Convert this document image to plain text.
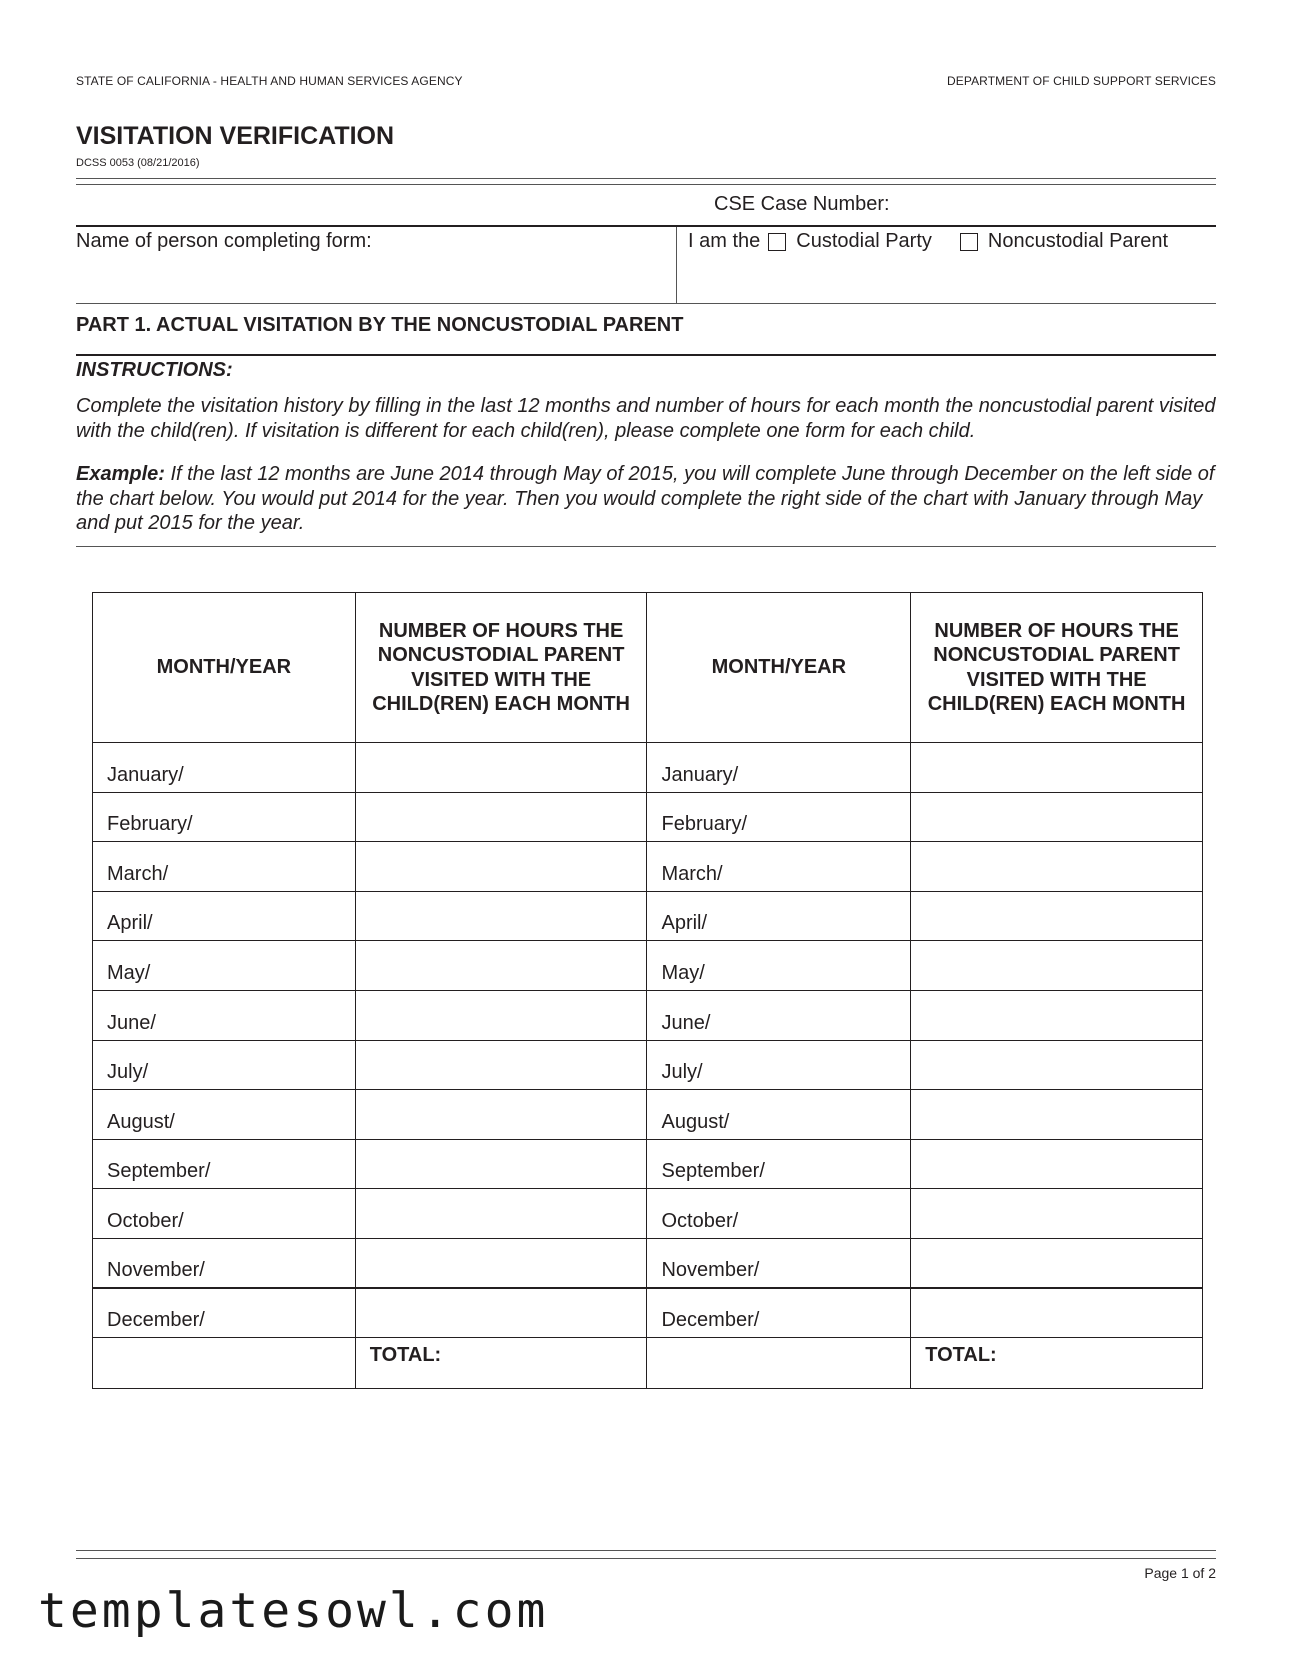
STATE OF CALIFORNIA - HEALTH AND HUMAN SERVICES AGENCY	DEPARTMENT OF CHILD SUPPORT SERVICES
VISITATION VERIFICATION
DCSS 0053 (08/21/2016)
CSE Case Number:
Name of person completing form:	I am the Custodial Party	Noncustodial Parent
PART 1. ACTUAL VISITATION BY THE NONCUSTODIAL PARENT
INSTRUCTIONS:
Complete the visitation history by filling in the last 12 months and number of hours for each month the noncustodial parent visited with the child(ren). If visitation is different for each child(ren), please complete one form for each child.
Example: If the last 12 months are June 2014 through May of 2015, you will complete June through December on the left side of the chart below. You would put 2014 for the year. Then you would complete the right side of the chart with January through May and put 2015 for the year.
MONTH/YEAR	NUMBER OF HOURS THE NONCUSTODIAL PARENT VISITED WITH THE CHILD(REN) EACH MONTH	MONTH/YEAR	NUMBER OF HOURS THE NONCUSTODIAL PARENT VISITED WITH THE CHILD(REN) EACH MONTH
January/		January/	
February/		February/	
March/		March/	
April/		April/	
May/		May/	
June/		June/	
July/		July/	
August/		August/	
September/		September/	
October/		October/	
November/		November/	
December/		December/	
	TOTAL:		TOTAL:
Page 1 of 2
templatesowl.com
